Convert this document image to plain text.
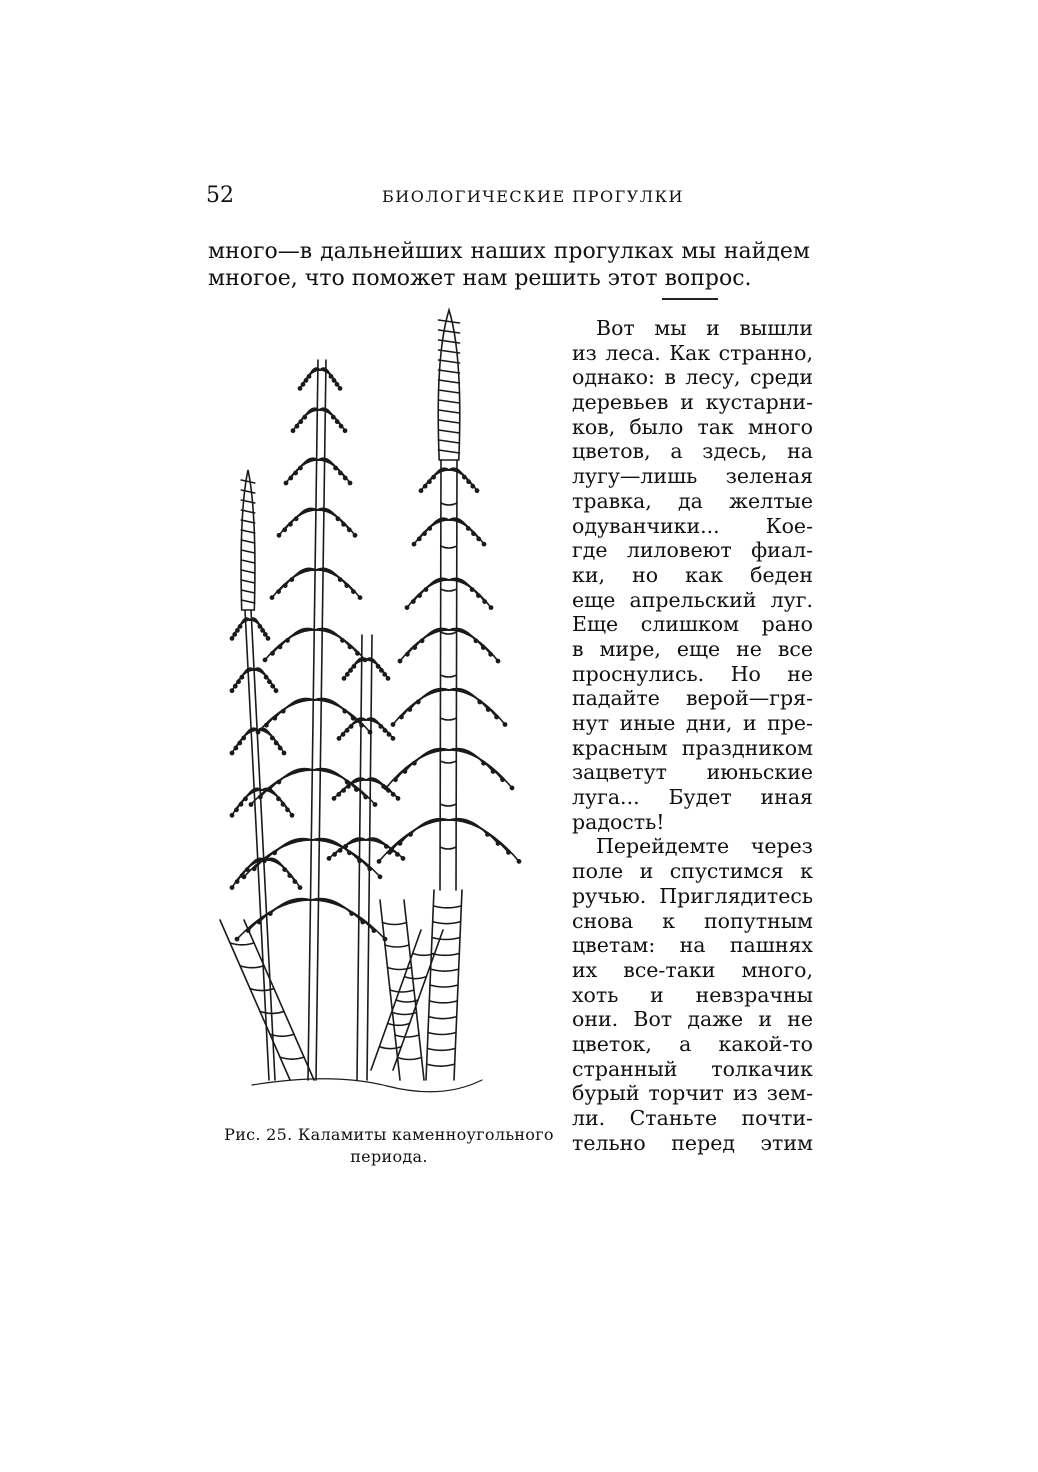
52	БИОЛОГИЧЕСКИЕ ПРОГУЛКИ
много—в дальнейших наших прогулках мы найдем
многое, что поможет нам решить этот вопрос.
Рис. 25. Каламиты каменноугольного
периода.
Вот мы и вышли
из леса. Как странно,
однако: в лесу, среди
деревьев и кустарни-
ков, было так много
цветов, а здесь, на
лугу—лишь зеленая
травка, да желтые
одуванчики... Кое-
где лиловеют фиал-
ки, но как беден
еще апрельский луг.
Еще слишком рано
в мире, еще не все
проснулись. Но не
падайте верой—гря-
нут иные дни, и пре-
красным праздником
зацветут июньские
луга... Будет иная
радость!
Перейдемте через
поле и спустимся к
ручью. Приглядитесь
снова к попутным
цветам: на пашнях
их все-таки много,
хоть и невзрачны
они. Вот даже и не
цветок, а какой-то
странный толкачик
бурый торчит из зем-
ли. Станьте почти-
тельно перед этим
